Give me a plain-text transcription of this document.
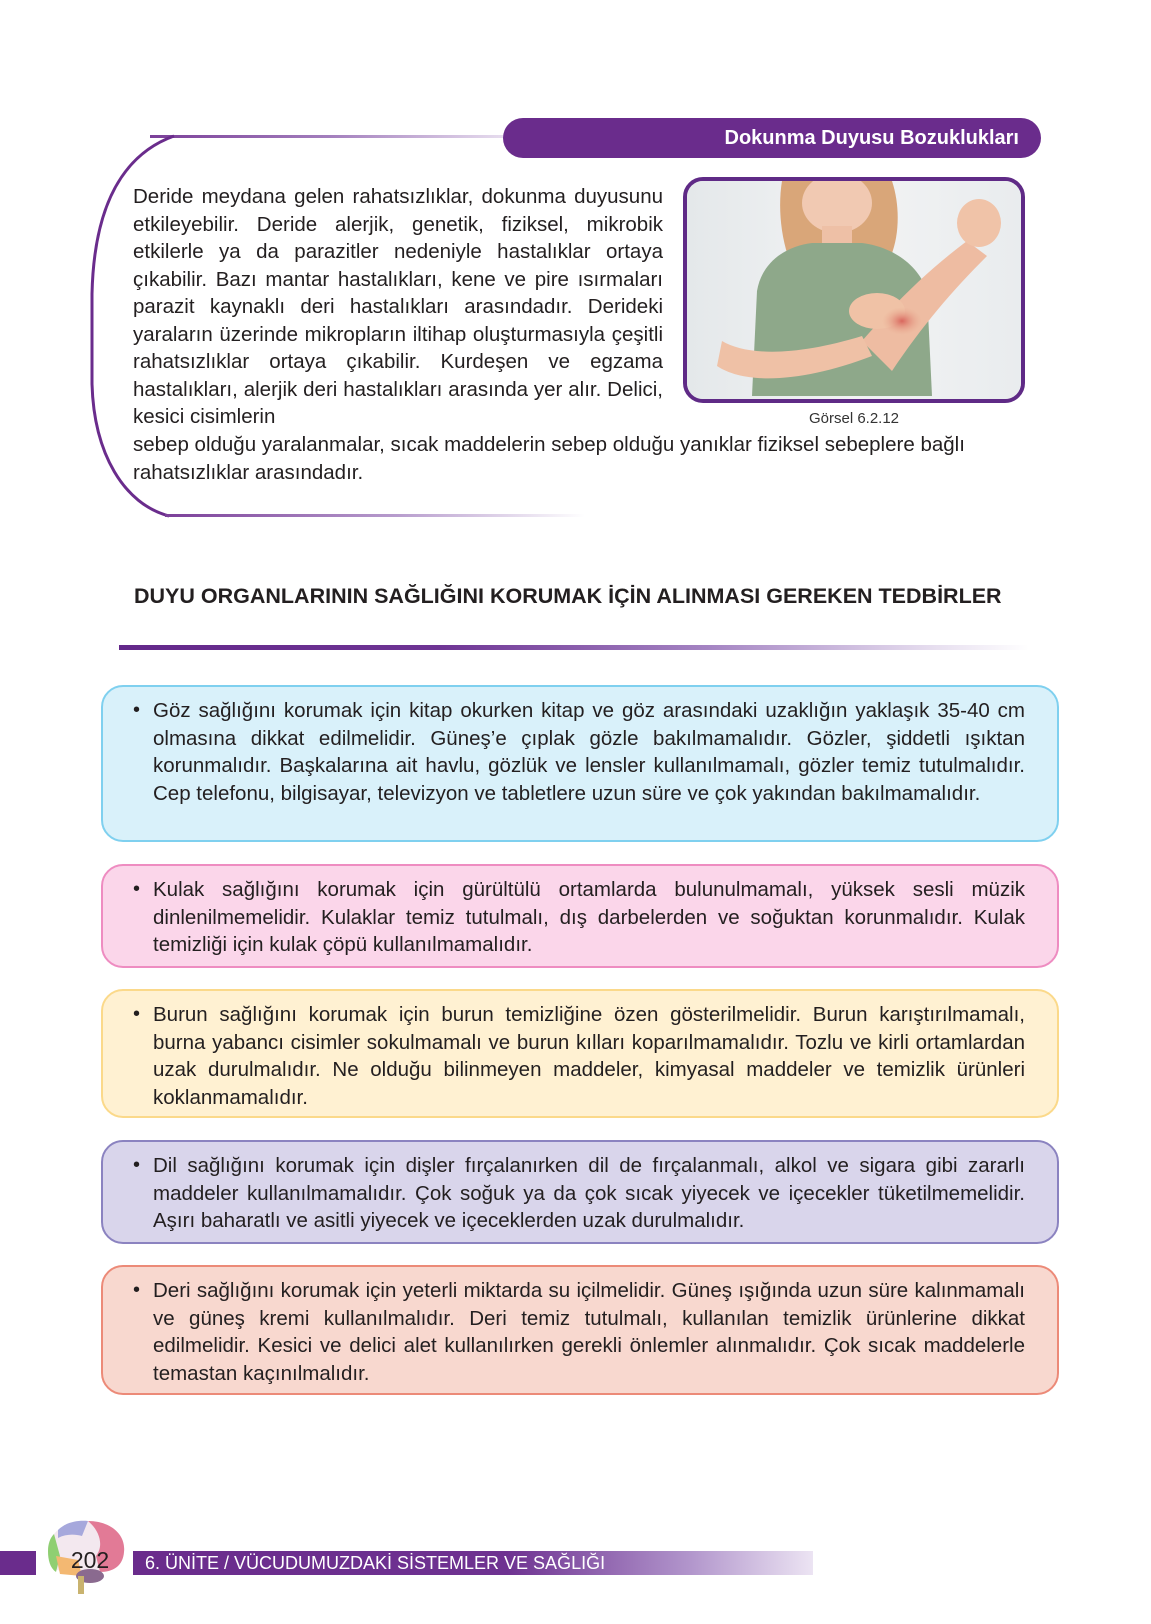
Dokunma Duyusu Bozuklukları
Deride meydana gelen rahatsızlıklar, dokunma duyusunu etkileyebilir. Deride alerjik, genetik, fiziksel, mikrobik etkilerle ya da parazitler nedeniyle hastalıklar ortaya çıkabilir. Bazı mantar hastalıkları, kene ve pire ısırmaları parazit kaynaklı deri hastalıkları arasındadır. Derideki yaraların üzerinde mikropların iltihap oluşturmasıyla çeşitli rahatsızlıklar ortaya çıkabilir. Kurdeşen ve egzama hastalıkları, alerjik deri hastalıkları arasında yer alır. Delici, kesici cisimlerin
sebep olduğu yaralanmalar, sıcak maddelerin sebep olduğu yanıklar fiziksel sebeplere bağlı rahatsızlıklar arasındadır.
Görsel 6.2.12
DUYU ORGANLARININ SAĞLIĞINI KORUMAK İÇİN ALINMASI GEREKEN TEDBİRLER
• Göz sağlığını korumak için kitap okurken kitap ve göz arasındaki uzaklığın yaklaşık 35-40 cm olmasına dikkat edilmelidir. Güneş’e çıplak gözle bakılmamalıdır. Gözler, şiddetli ışıktan korunmalıdır. Başkalarına ait havlu, gözlük ve lensler kullanılmamalı, gözler temiz tutulmalıdır. Cep telefonu, bilgisayar, televizyon ve tabletlere uzun süre ve çok yakından bakılmamalıdır.
• Kulak sağlığını korumak için gürültülü ortamlarda bulunulmamalı, yüksek sesli müzik dinlenilmemelidir. Kulaklar temiz tutulmalı, dış darbelerden ve soğuktan korunmalıdır. Kulak temizliği için kulak çöpü kullanılmamalıdır.
• Burun sağlığını korumak için burun temizliğine özen gösterilmelidir. Burun karıştırılmamalı, burna yabancı cisimler sokulmamalı ve burun kılları koparılmamalıdır. Tozlu ve kirli ortamlardan uzak durulmalıdır. Ne olduğu bilinmeyen maddeler, kimyasal maddeler ve temizlik ürünleri koklanmamalıdır.
• Dil sağlığını korumak için dişler fırçalanırken dil de fırçalanmalı, alkol ve sigara gibi zararlı maddeler kullanılmamalıdır. Çok soğuk ya da çok sıcak yiyecek ve içecekler tüketilmemelidir. Aşırı baharatlı ve asitli yiyecek ve içeceklerden uzak durulmalıdır.
• Deri sağlığını korumak için yeterli miktarda su içilmelidir. Güneş ışığında uzun süre kalınmamalı ve güneş kremi kullanılmalıdır. Deri temiz tutulmalı, kullanılan temizlik ürünlerine dikkat edilmelidir. Kesici ve delici alet kullanılırken gerekli önlemler alınmalıdır. Çok sıcak maddelerle temastan kaçınılmalıdır.
202	6. ÜNİTE / VÜCUDUMUZDAKİ SİSTEMLER VE SAĞLIĞI
